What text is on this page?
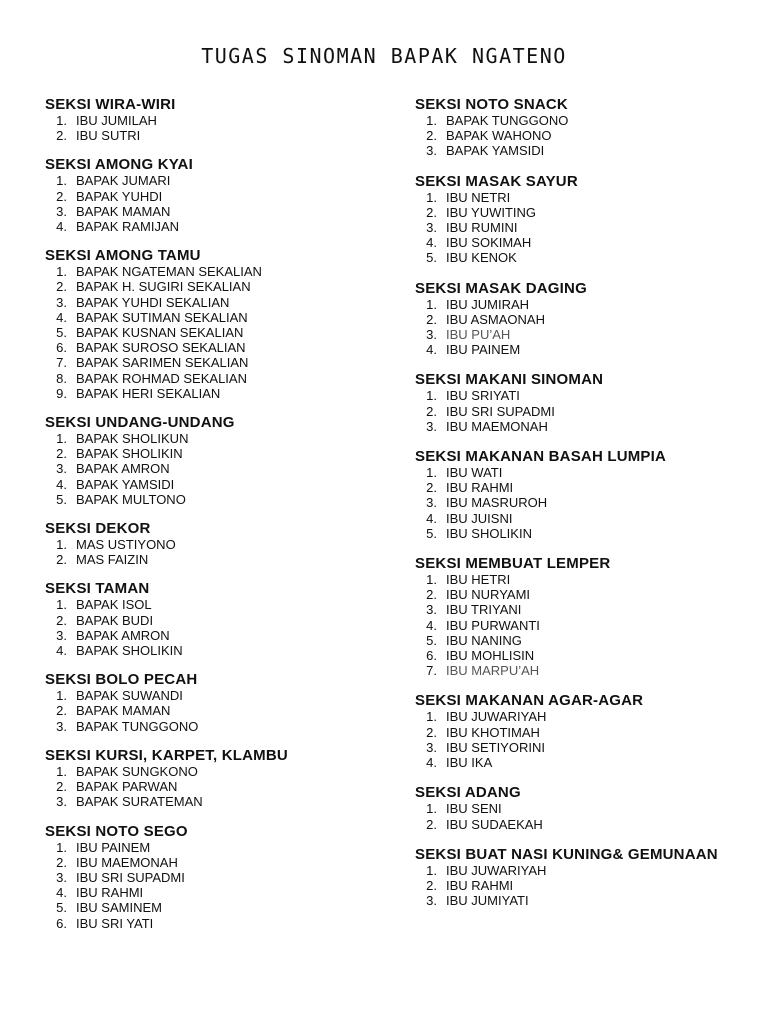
TUGAS SINOMAN BAPAK NGATENO
SEKSI WIRA-WIRI
1. IBU JUMILAH
2. IBU SUTRI
SEKSI AMONG KYAI
1. BAPAK JUMARI
2. BAPAK YUHDI
3. BAPAK MAMAN
4. BAPAK RAMIJAN
SEKSI AMONG TAMU
1. BAPAK NGATEMAN SEKALIAN
2. BAPAK H. SUGIRI SEKALIAN
3. BAPAK YUHDI SEKALIAN
4. BAPAK SUTIMAN SEKALIAN
5. BAPAK KUSNAN SEKALIAN
6. BAPAK SUROSO SEKALIAN
7. BAPAK SARIMEN SEKALIAN
8. BAPAK ROHMAD SEKALIAN
9. BAPAK HERI SEKALIAN
SEKSI UNDANG-UNDANG
1. BAPAK SHOLIKUN
2. BAPAK SHOLIKIN
3. BAPAK AMRON
4. BAPAK YAMSIDI
5. BAPAK MULTONO
SEKSI DEKOR
1. MAS USTIYONO
2. MAS FAIZIN
SEKSI TAMAN
1. BAPAK ISOL
2. BAPAK BUDI
3. BAPAK AMRON
4. BAPAK SHOLIKIN
SEKSI BOLO PECAH
1. BAPAK SUWANDI
2. BAPAK MAMAN
3. BAPAK TUNGGONO
SEKSI KURSI, KARPET, KLAMBU
1. BAPAK SUNGKONO
2. BAPAK PARWAN
3. BAPAK SURATEMAN
SEKSI NOTO SEGO
1. IBU PAINEM
2. IBU MAEMONAH
3. IBU SRI SUPADMI
4. IBU RAHMI
5. IBU SAMINEM
6. IBU SRI YATI
SEKSI NOTO SNACK
1. BAPAK TUNGGONO
2. BAPAK WAHONO
3. BAPAK YAMSIDI
SEKSI MASAK SAYUR
1. IBU NETRI
2. IBU YUWITING
3. IBU RUMINI
4. IBU SOKIMAH
5. IBU KENOK
SEKSI MASAK DAGING
1. IBU JUMIRAH
2. IBU ASMAONAH
3. IBU PU’AH
4. IBU PAINEM
SEKSI MAKANI SINOMAN
1. IBU SRIYATI
2. IBU SRI SUPADMI
3. IBU MAEMONAH
SEKSI MAKANAN BASAH LUMPIA
1. IBU WATI
2. IBU RAHMI
3. IBU MASRUROH
4. IBU JUISNI
5. IBU SHOLIKIN
SEKSI MEMBUAT LEMPER
1. IBU HETRI
2. IBU NURYAMI
3. IBU TRIYANI
4. IBU PURWANTI
5. IBU NANING
6. IBU MOHLISIN
7. IBU MARPU’AH
SEKSI MAKANAN AGAR-AGAR
1. IBU JUWARIYAH
2. IBU KHOTIMAH
3. IBU SETIYORINI
4. IBU IKA
SEKSI ADANG
1. IBU SENI
2. IBU SUDAEKAH
SEKSI BUAT NASI KUNING& GEMUNAAN
1. IBU JUWARIYAH
2. IBU RAHMI
3. IBU JUMIYATI
